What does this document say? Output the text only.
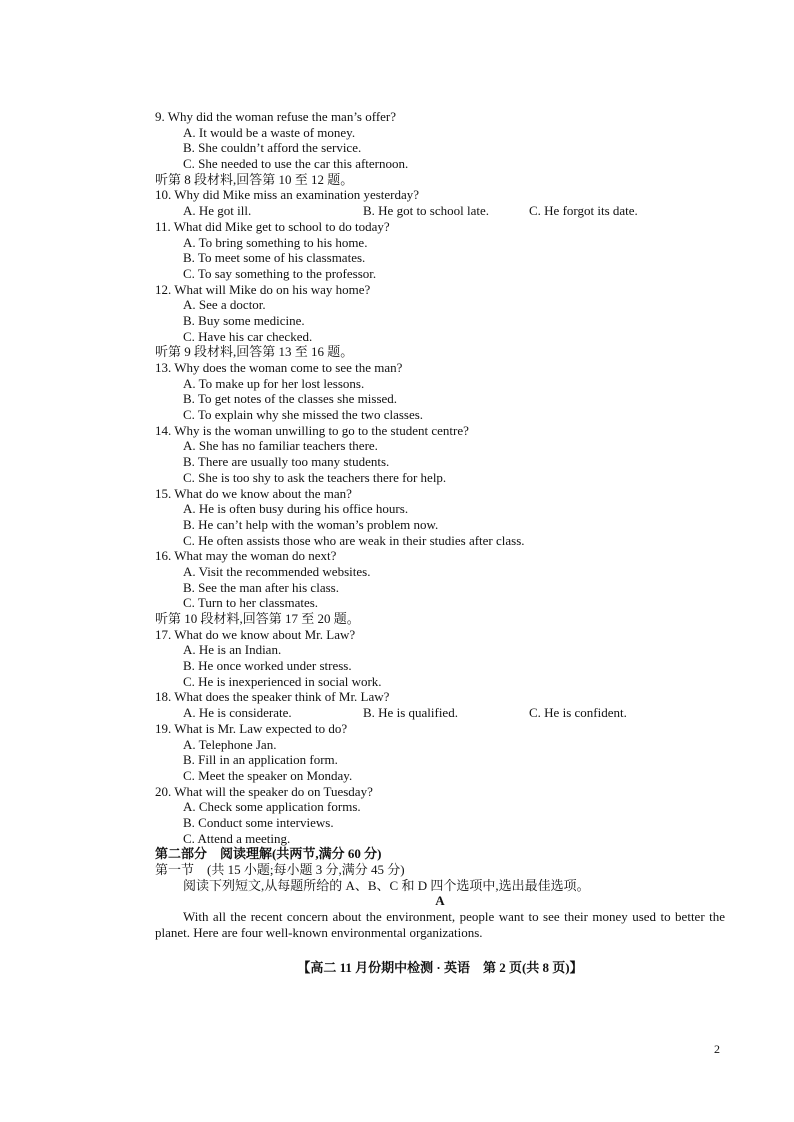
9. Why did the woman refuse the man’s offer?
A. It would be a waste of money.
B. She couldn’t afford the service.
C. She needed to use the car this afternoon.
听第 8 段材料,回答第 10 至 12 题。
10. Why did Mike miss an examination yesterday?
A. He got ill.	B. He got to school late.	C. He forgot its date.
11. What did Mike get to school to do today?
A. To bring something to his home.
B. To meet some of his classmates.
C. To say something to the professor.
12. What will Mike do on his way home?
A. See a doctor.
B. Buy some medicine.
C. Have his car checked.
听第 9 段材料,回答第 13 至 16 题。
13. Why does the woman come to see the man?
A. To make up for her lost lessons.
B. To get notes of the classes she missed.
C. To explain why she missed the two classes.
14. Why is the woman unwilling to go to the student centre?
A. She has no familiar teachers there.
B. There are usually too many students.
C. She is too shy to ask the teachers there for help.
15. What do we know about the man?
A. He is often busy during his office hours.
B. He can’t help with the woman’s problem now.
C. He often assists those who are weak in their studies after class.
16. What may the woman do next?
A. Visit the recommended websites.
B. See the man after his class.
C. Turn to her classmates.
听第 10 段材料,回答第 17 至 20 题。
17. What do we know about Mr. Law?
A. He is an Indian.
B. He once worked under stress.
C. He is inexperienced in social work.
18. What does the speaker think of Mr. Law?
A. He is considerate.	B. He is qualified.	C. He is confident.
19. What is Mr. Law expected to do?
A. Telephone Jan.
B. Fill in an application form.
C. Meet the speaker on Monday.
20. What will the speaker do on Tuesday?
A. Check some application forms.
B. Conduct some interviews.
C. Attend a meeting.
第二部分　阅读理解(共两节,满分 60 分)
第一节　(共 15 小题;每小题 3 分,满分 45 分)
阅读下列短文,从每题所给的 A、B、C 和 D 四个选项中,选出最佳选项。
A
With all the recent concern about the environment, people want to see their money used to better the planet. Here are four well-known environmental organizations.
【高二 11 月份期中检测 · 英语　第 2 页(共 8 页)】
2
